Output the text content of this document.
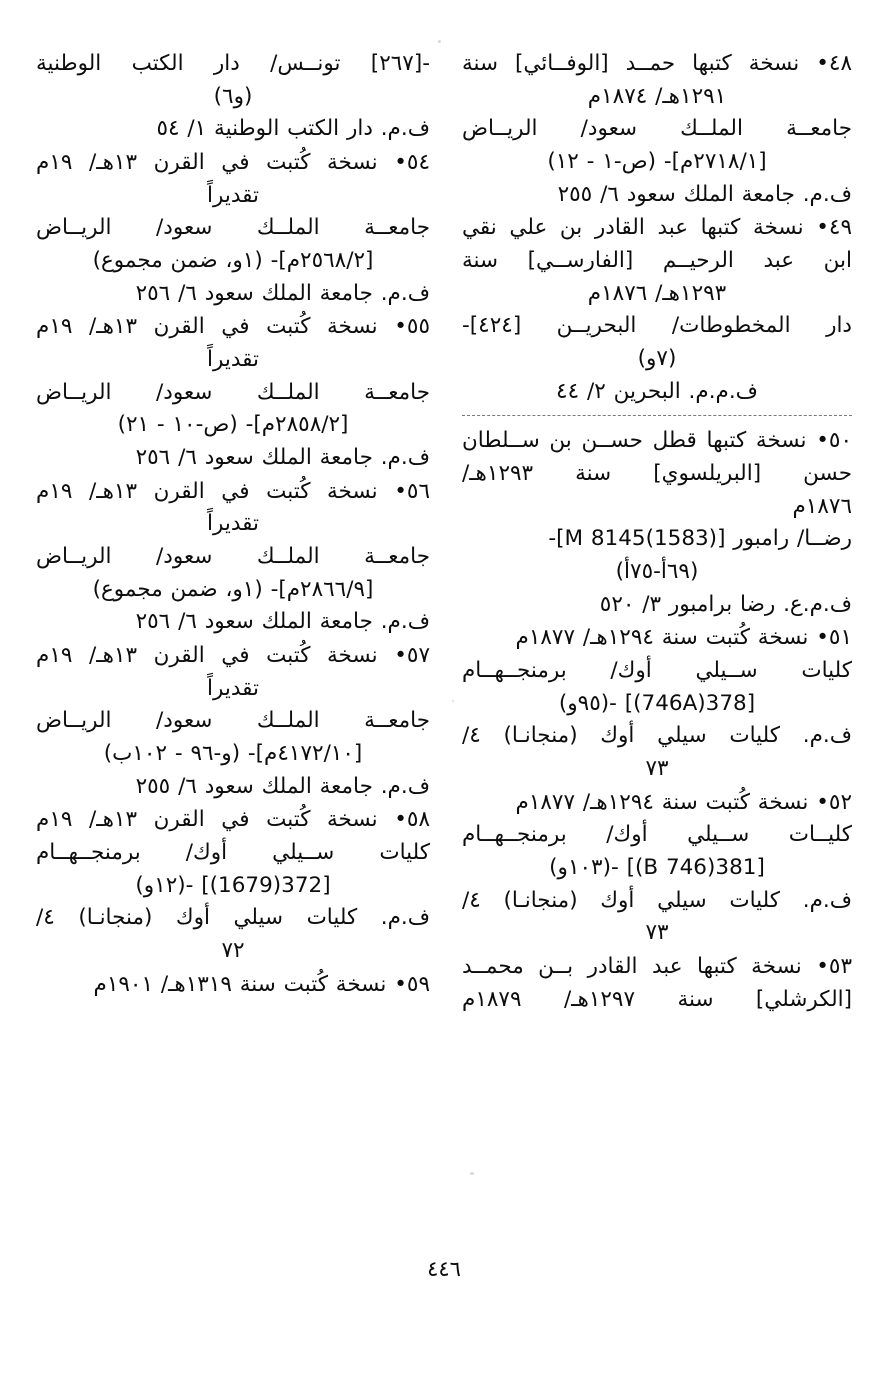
٤٨• نسخة كتبها حمــد [الوفــائي] سنة
١٢٩١هـ/ ١٨٧٤م
جامعــة الملــك سعود/ الريــاض
[٢٧١٨/١م]- (ص-١ - ١٢)
ف.م. جامعة الملك سعود ٦/ ٢٥٥
٤٩• نسخة كتبها عبد القادر بن علي نقي
ابن عبد الرحيــم [الفارســي] سنة
١٢٩٣هـ/ ١٨٧٦م
دار المخطوطات/ البحريــن [٤٢٤]-
(٧و)
ف.م.م. البحرين ٢/ ٤٤
٥٠• نسخة كتبها قطل حســن بن ســلطان
حسن [البريلسوي] سنة ١٢٩٣هـ/
١٨٧٦م
رضــا/ رامبور [M 8145(1583)]-
(٦٩أ-٧٥أ)
ف.م.ع. رضا برامبور ٣/ ٥٢٠
٥١• نسخة كُتبت سنة ١٢٩٤هـ/ ١٨٧٧م
كليات ســيلي أوك/ برمنجــهــام
[378(746A)] -(٩٥و)
ف.م. كليات سيلي أوك (منجانـا) ٤/
٧٣
٥٢• نسخة كُتبت سنة ١٢٩٤هـ/ ١٨٧٧م
كليــات ســيلي أوك/ برمنجــهــام
[381(746 B)] -(١٠٣و)
ف.م. كليات سيلي أوك (منجانـا) ٤/
٧٣
٥٣• نسخة كتبها عبد القادر بــن محمــد
[الكرشلي] سنة ١٢٩٧هـ/ ١٨٧٩م
-[٢٦٧] تونــس/ دار الكتب الوطنية
(و٦)
ف.م. دار الكتب الوطنية ١/ ٥٤
٥٤• نسخة كُتبت في القرن ١٣هـ/ ١٩م
تقديراً
جامعــة الملــك سعود/ الريــاض
[٢٥٦٨/٢م]- (١و، ضمن مجموع)
ف.م. جامعة الملك سعود ٦/ ٢٥٦
٥٥• نسخة كُتبت في القرن ١٣هـ/ ١٩م
تقديراً
جامعــة الملــك سعود/ الريــاض
[٢٨٥٨/٢م]- (ص-١٠ - ٢١)
ف.م. جامعة الملك سعود ٦/ ٢٥٦
٥٦• نسخة كُتبت في القرن ١٣هـ/ ١٩م
تقديراً
جامعــة الملــك سعود/ الريــاض
[٢٨٦٦/٩م]- (١و، ضمن مجموع)
ف.م. جامعة الملك سعود ٦/ ٢٥٦
٥٧• نسخة كُتبت في القرن ١٣هـ/ ١٩م
تقديراً
جامعــة الملــك سعود/ الريــاض
[٤١٧٢/١٠م]- (و-٩٦ - ١٠٢ب)
ف.م. جامعة الملك سعود ٦/ ٢٥٥
٥٨• نسخة كُتبت في القرن ١٣هـ/ ١٩م
كليات ســيلي أوك/ برمنجــهــام
[372(1679)] -(١٢و)
ف.م. كليات سيلي أوك (منجانـا) ٤/
٧٢
٥٩• نسخة كُتبت سنة ١٣١٩هـ/ ١٩٠١م
٤٤٦
